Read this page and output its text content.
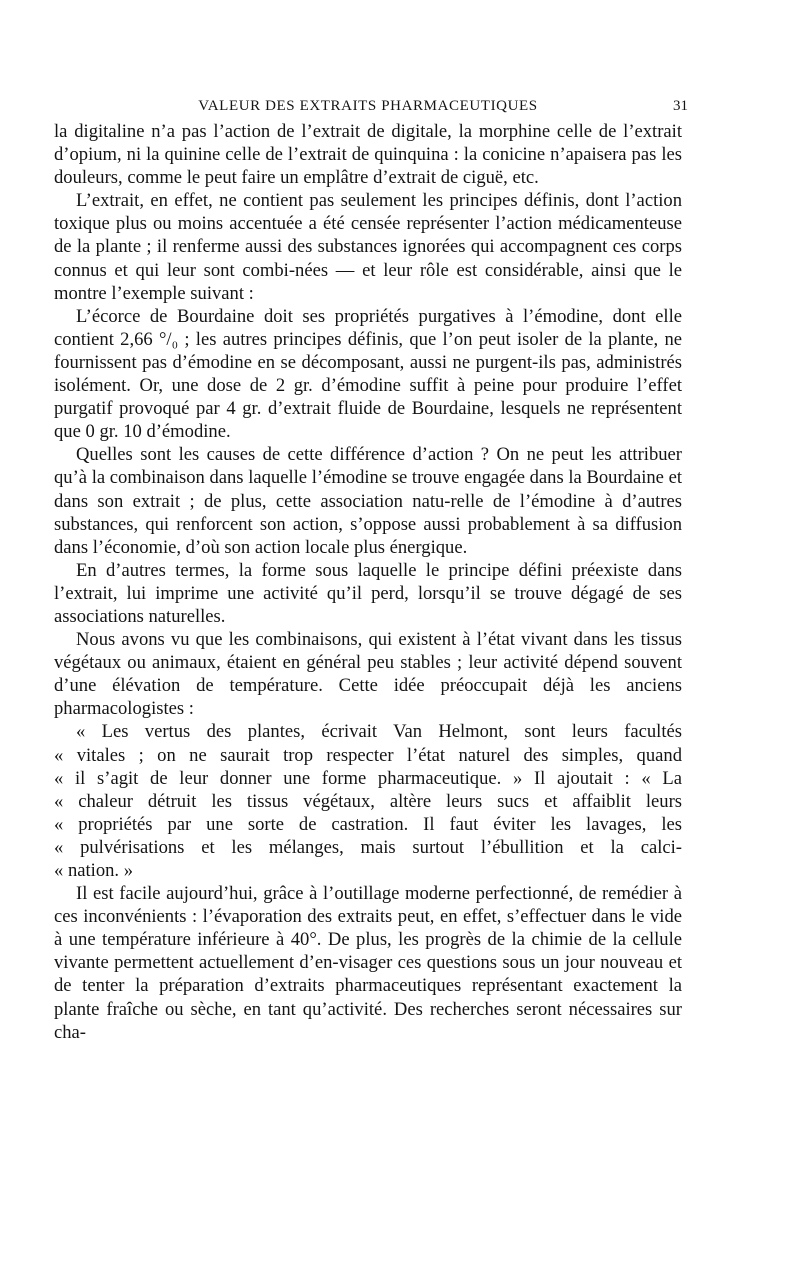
VALEUR DES EXTRAITS PHARMACEUTIQUES	31

la digitaline n’a pas l’action de l’extrait de digitale, la morphine celle de l’extrait d’opium, ni la quinine celle de l’extrait de quinquina : la conicine n’apaisera pas les douleurs, comme le peut faire un emplâtre d’extrait de ciguë, etc.

L’extrait, en effet, ne contient pas seulement les principes définis, dont l’action toxique plus ou moins accentuée a été censée représenter l’action médicamenteuse de la plante ; il renferme aussi des substances ignorées qui accompagnent ces corps connus et qui leur sont combi-nées — et leur rôle est considérable, ainsi que le montre l’exemple suivant :

L’écorce de Bourdaine doit ses propriétés purgatives à l’émodine, dont elle contient 2,66 °/₀ ; les autres principes définis, que l’on peut isoler de la plante, ne fournissent pas d’émodine en se décomposant, aussi ne purgent-ils pas, administrés isolément. Or, une dose de 2 gr. d’émodine suffit à peine pour produire l’effet purgatif provoqué par 4 gr. d’extrait fluide de Bourdaine, lesquels ne représentent que 0 gr. 10 d’émodine.

Quelles sont les causes de cette différence d’action ? On ne peut les attribuer qu’à la combinaison dans laquelle l’émodine se trouve engagée dans la Bourdaine et dans son extrait ; de plus, cette association natu-relle de l’émodine à d’autres substances, qui renforcent son action, s’oppose aussi probablement à sa diffusion dans l’économie, d’où son action locale plus énergique.

En d’autres termes, la forme sous laquelle le principe défini préexiste dans l’extrait, lui imprime une activité qu’il perd, lorsqu’il se trouve dégagé de ses associations naturelles.

Nous avons vu que les combinaisons, qui existent à l’état vivant dans les tissus végétaux ou animaux, étaient en général peu stables ; leur activité dépend souvent d’une élévation de température. Cette idée préoccupait déjà les anciens pharmacologistes :

« Les vertus des plantes, écrivait Van Helmont, sont leurs facultés
« vitales ; on ne saurait trop respecter l’état naturel des simples, quand
« il s’agit de leur donner une forme pharmaceutique. » Il ajoutait : « La
« chaleur détruit les tissus végétaux, altère leurs sucs et affaiblit leurs
« propriétés par une sorte de castration. Il faut éviter les lavages, les
« pulvérisations et les mélanges, mais surtout l’ébullition et la calci-
« nation. »

Il est facile aujourd’hui, grâce à l’outillage moderne perfectionné, de remédier à ces inconvénients : l’évaporation des extraits peut, en effet, s’effectuer dans le vide à une température inférieure à 40°. De plus, les progrès de la chimie de la cellule vivante permettent actuellement d’en-visager ces questions sous un jour nouveau et de tenter la préparation d’extraits pharmaceutiques représentant exactement la plante fraîche ou sèche, en tant qu’activité. Des recherches seront nécessaires sur cha-
